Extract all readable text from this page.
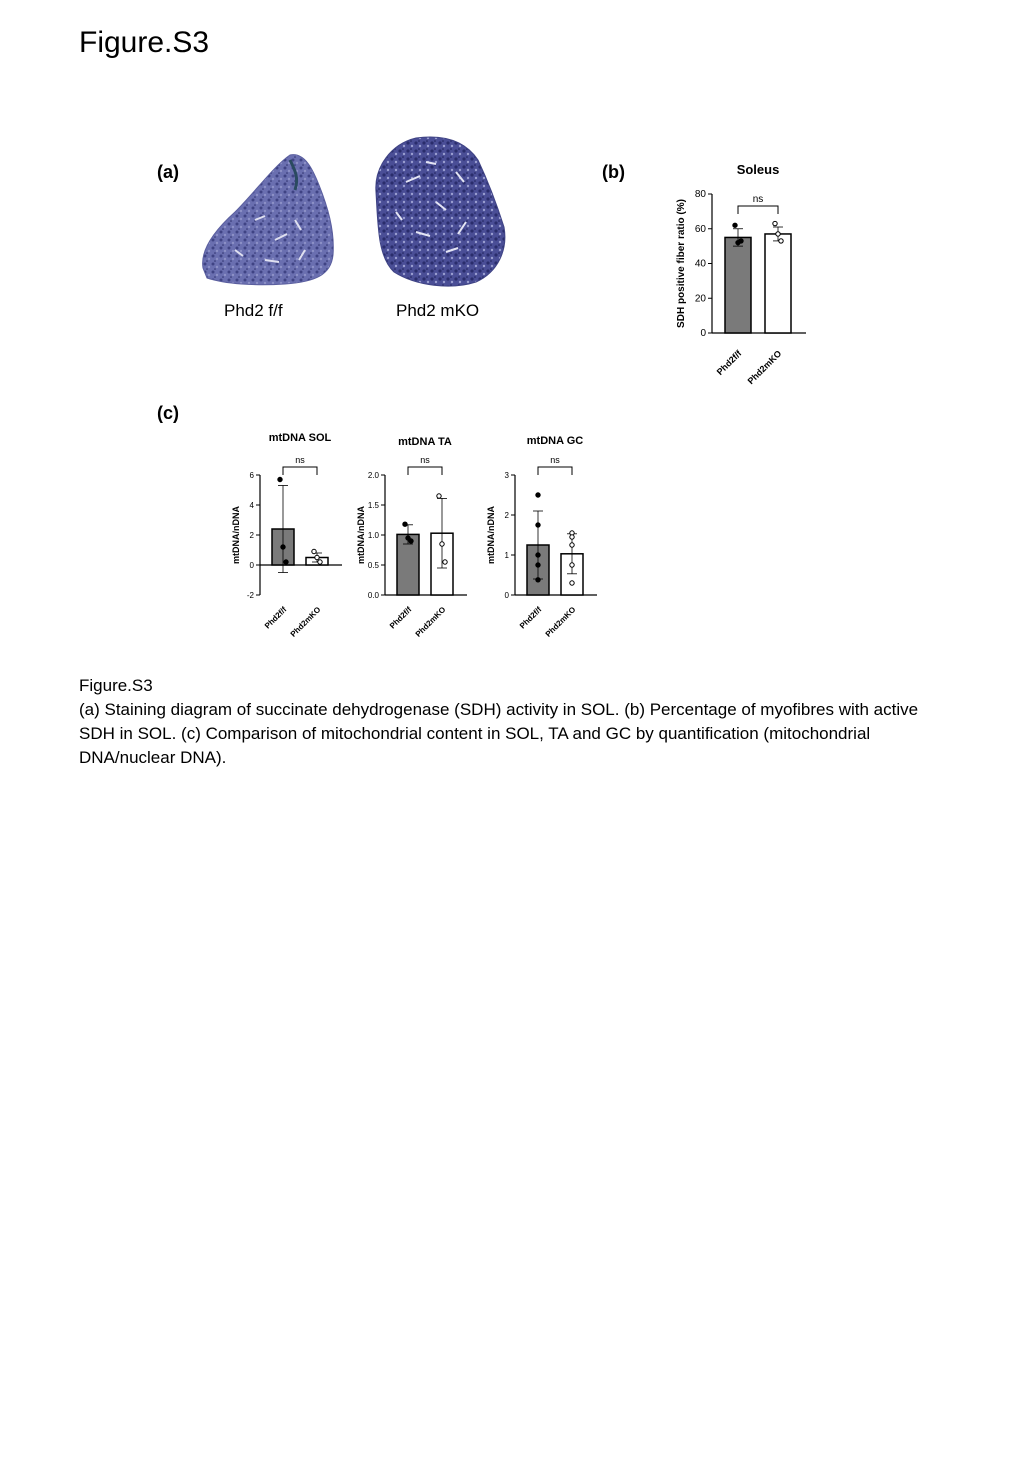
Figure.S3
(a)
Phd2 f/f	Phd2 mKO
(b)	Soleus
0
20
40
60
80
SDH positive fiber ratio (%)
Phd2f/f Phd2mKO
ns
(c)
mtDNA SOL
-2
0
2
4
6
mtDNA/nDNA
Phd2f/f Phd2mKO
ns
mtDNA TA
0.0
0.5
1.0
1.5
2.0
mtDNA/nDNA
Phd2f/f Phd2mKO
ns
mtDNA GC
0
1
2
3
mtDNA/nDNA
Phd2f/f Phd2mKO
ns

Figure.S3

(a) Staining diagram of succinate dehydrogenase (SDH) activity in SOL. (b) Percentage of myofibres with active SDH in SOL. (c) Comparison of mitochondrial content in SOL, TA and GC by quantification (mitochondrial DNA/nuclear DNA).
